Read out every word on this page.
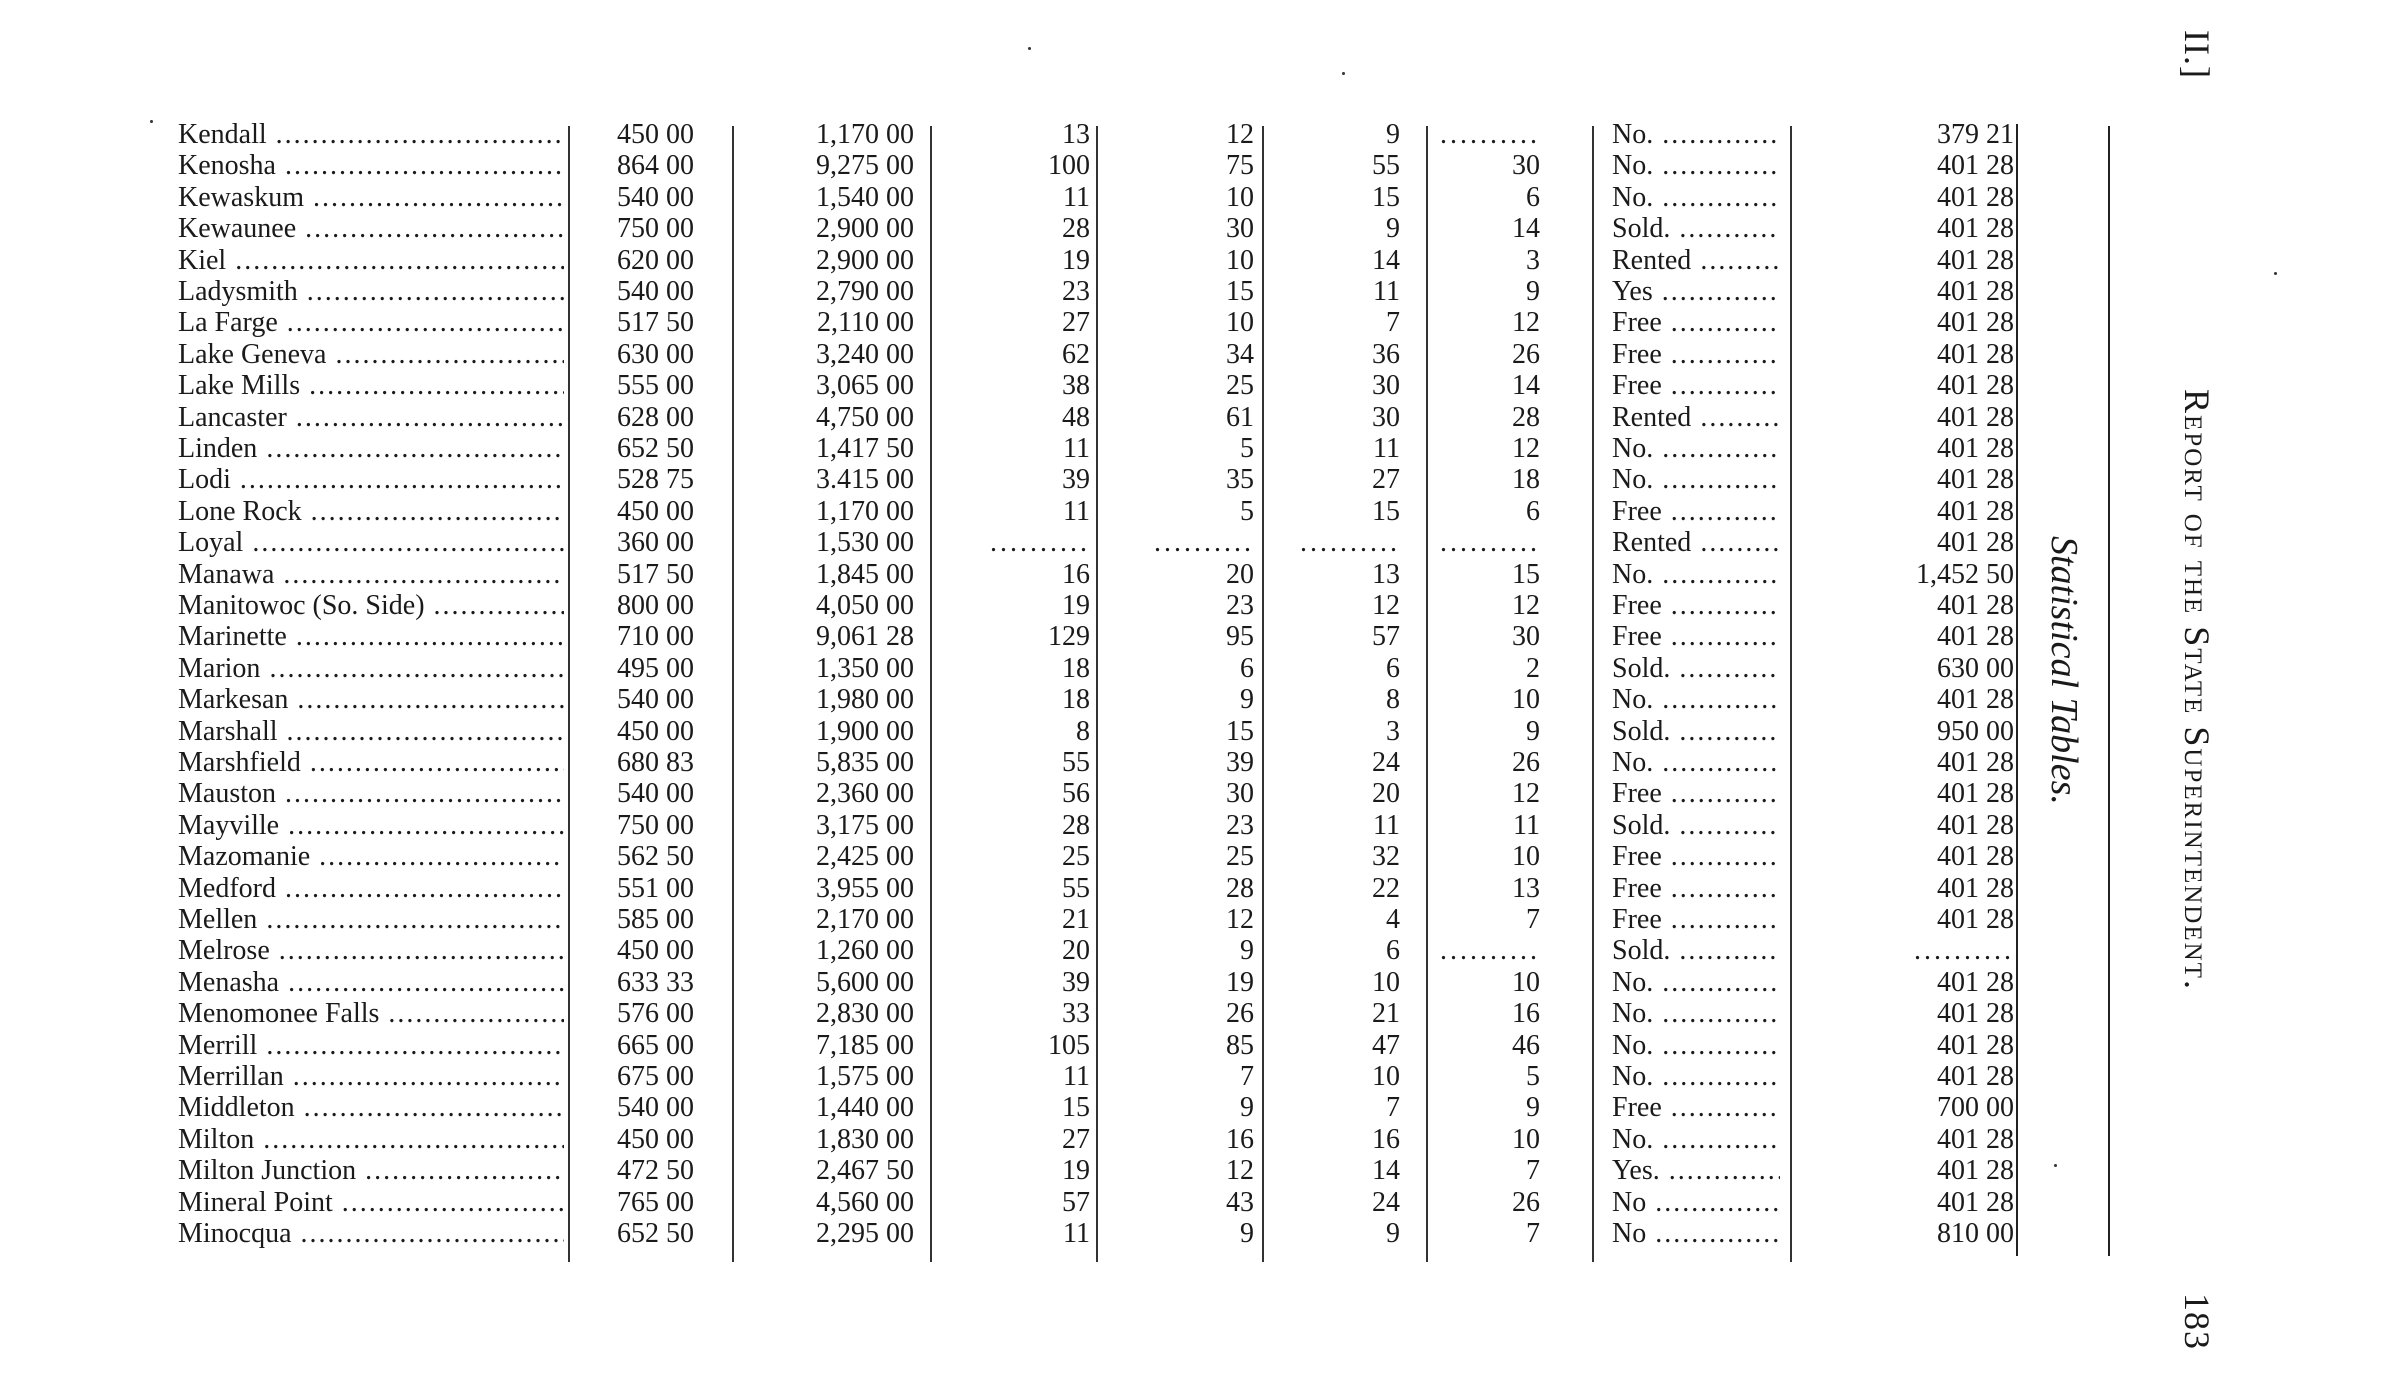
Kendall .....	450 00	1,170 00	13	12	9	..........	No. .....	379 21
Kenosha .....	864 00	9,275 00	100	75	55	30	No. .....	401 28
Kewaskum .....	540 00	1,540 00	11	10	15	6	No. .....	401 28
Kewaunee .....	750 00	2,900 00	28	30	9	14	Sold. .....	401 28
Kiel .....	620 00	2,900 00	19	10	14	3	Rented .....	401 28
Ladysmith .....	540 00	2,790 00	23	15	11	9	Yes .....	401 28
La Farge .....	517 50	2,110 00	27	10	7	12	Free .....	401 28
Lake Geneva .....	630 00	3,240 00	62	34	36	26	Free .....	401 28
Lake Mills .....	555 00	3,065 00	38	25	30	14	Free .....	401 28
Lancaster .....	628 00	4,750 00	48	61	30	28	Rented .....	401 28
Linden .....	652 50	1,417 50	11	5	11	12	No. .....	401 28
Lodi .....	528 75	3.415 00	39	35	27	18	No. .....	401 28
Lone Rock .....	450 00	1,170 00	11	5	15	6	Free .....	401 28
Loyal .....	360 00	1,530 00	..........	..........	..........	..........	Rented .....	401 28
Manawa .....	517 50	1,845 00	16	20	13	15	No. .....	1,452 50
Manitowoc (So. Side) .....	800 00	4,050 00	19	23	12	12	Free .....	401 28
Marinette .....	710 00	9,061 28	129	95	57	30	Free .....	401 28
Marion .....	495 00	1,350 00	18	6	6	2	Sold. .....	630 00
Markesan .....	540 00	1,980 00	18	9	8	10	No. .....	401 28
Marshall .....	450 00	1,900 00	8	15	3	9	Sold. .....	950 00
Marshfield .....	680 83	5,835 00	55	39	24	26	No. .....	401 28
Mauston .....	540 00	2,360 00	56	30	20	12	Free .....	401 28
Mayville .....	750 00	3,175 00	28	23	11	11	Sold. .....	401 28
Mazomanie .....	562 50	2,425 00	25	25	32	10	Free .....	401 28
Medford .....	551 00	3,955 00	55	28	22	13	Free .....	401 28
Mellen .....	585 00	2,170 00	21	12	4	7	Free .....	401 28
Melrose .....	450 00	1,260 00	20	9	6	..........	Sold. .....	..........
Menasha .....	633 33	5,600 00	39	19	10	10	No. .....	401 28
Menomonee Falls .....	576 00	2,830 00	33	26	21	16	No. .....	401 28
Merrill .....	665 00	7,185 00	105	85	47	46	No. .....	401 28
Merrillan .....	675 00	1,575 00	11	7	10	5	No. .....	401 28
Middleton .....	540 00	1,440 00	15	9	7	9	Free .....	700 00
Milton .....	450 00	1,830 00	27	16	16	10	No. .....	401 28
Milton Junction .....	472 50	2,467 50	19	12	14	7	Yes. .....	401 28
Mineral Point .....	765 00	4,560 00	57	43	24	26	No .....	401 28
Minocqua .....	652 50	2,295 00	11	9	9	7	No .....	810 00
II.]
Report of the State Superintendent.
183
Statistical Tables.
